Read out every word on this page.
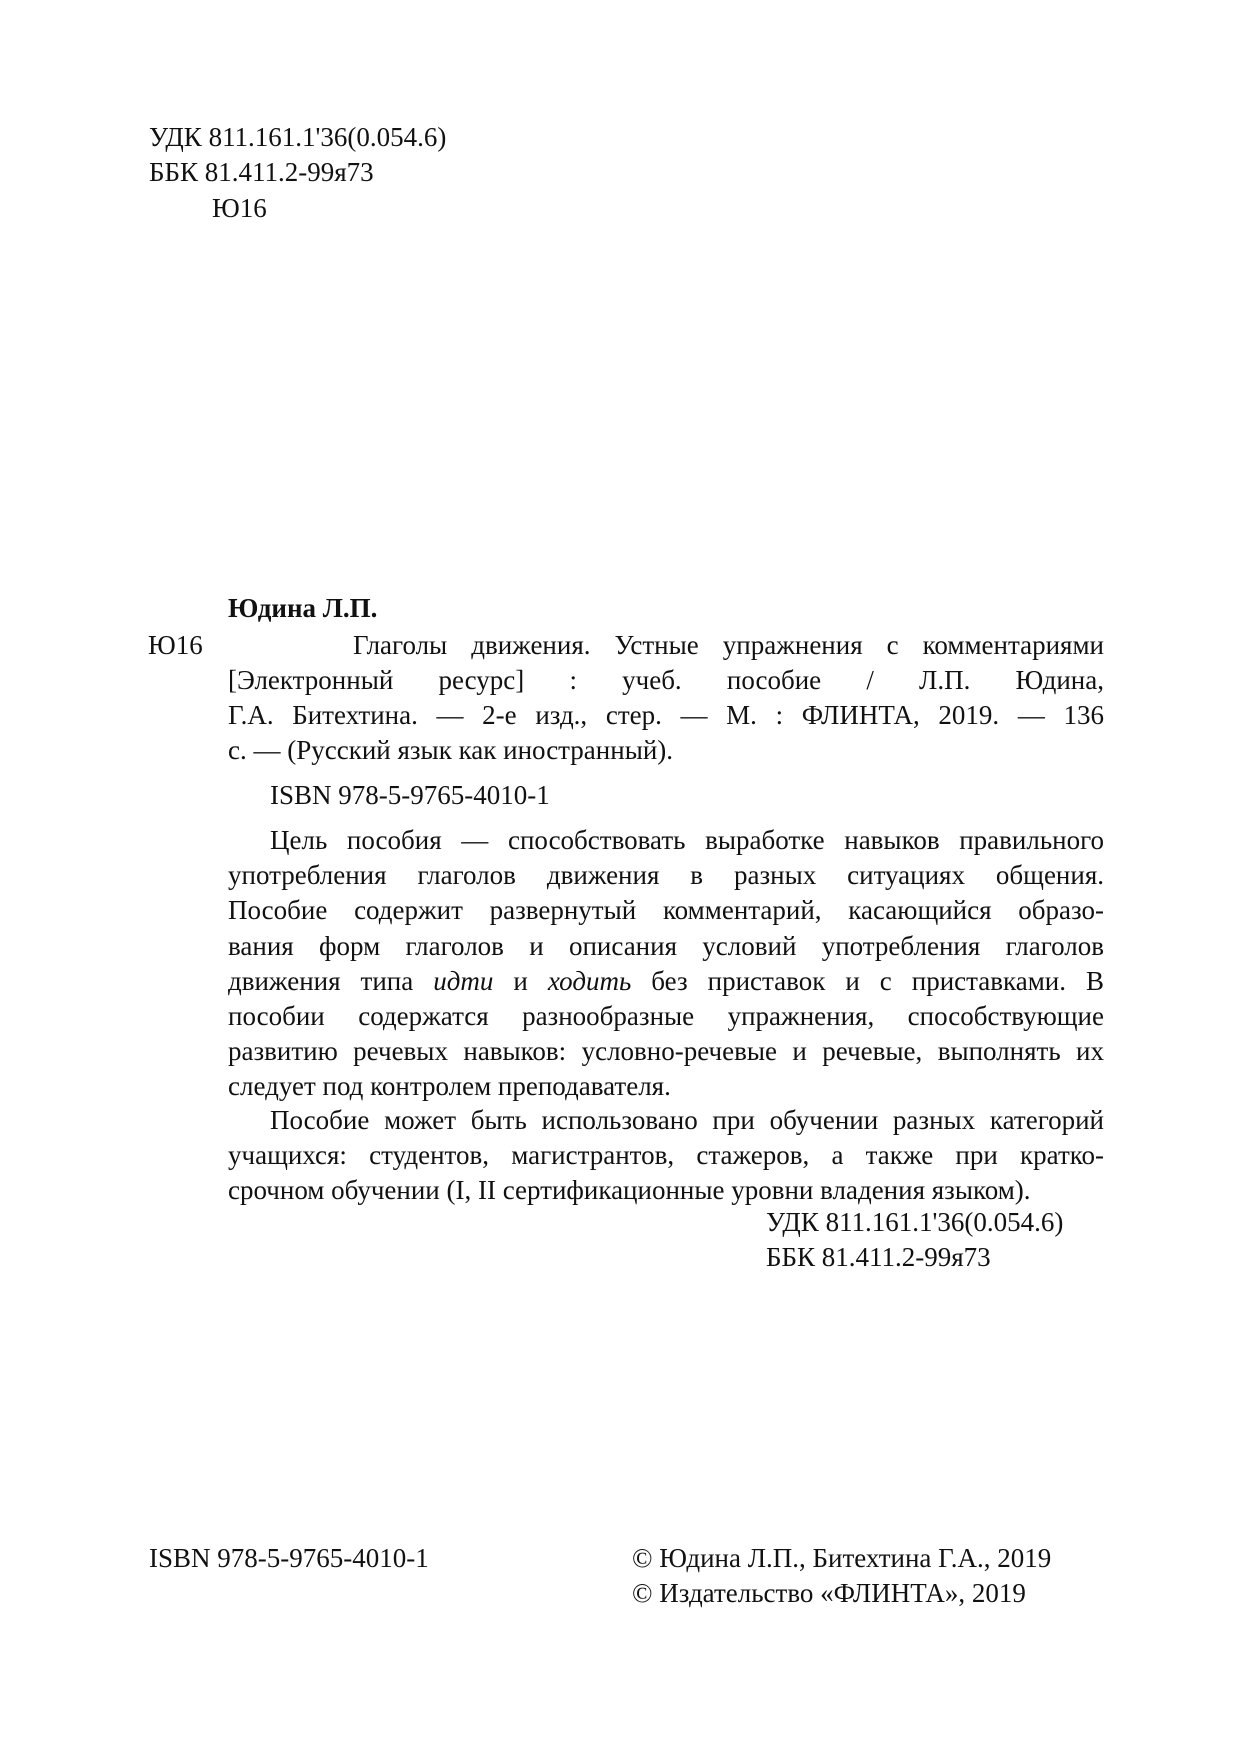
УДК 811.161.1'36(0.054.6)
ББК 81.411.2-99я73
Ю16
Юдина Л.П.
Ю16	Глаголы движения. Устные упражнения с комментариями
[Электронный ресурс] : учеб. пособие / Л.П. Юдина,
Г.А. Битехтина. — 2-е изд., стер. — М. : ФЛИНТА, 2019. — 136
с. — (Русский язык как иностранный).
ISBN 978-5-9765-4010-1
Цель пособия — способствовать выработке навыков правильного
употребления глаголов движения в разных ситуациях общения.
Пособие содержит развернутый комментарий, касающийся образо-
вания форм глаголов и описания условий употребления глаголов
движения типа идти и ходить без приставок и с приставками. В
пособии содержатся разнообразные упражнения, способствующие
развитию речевых навыков: условно-речевые и речевые, выполнять их
следует под контролем преподавателя.
Пособие может быть использовано при обучении разных категорий
учащихся: студентов, магистрантов, стажеров, а также при кратко-
срочном обучении (I, II сертификационные уровни владения языком).
УДК 811.161.1'36(0.054.6)
ББК 81.411.2-99я73
ISBN 978-5-9765-4010-1	© Юдина Л.П., Битехтина Г.А., 2019
© Издательство «ФЛИНТА», 2019
